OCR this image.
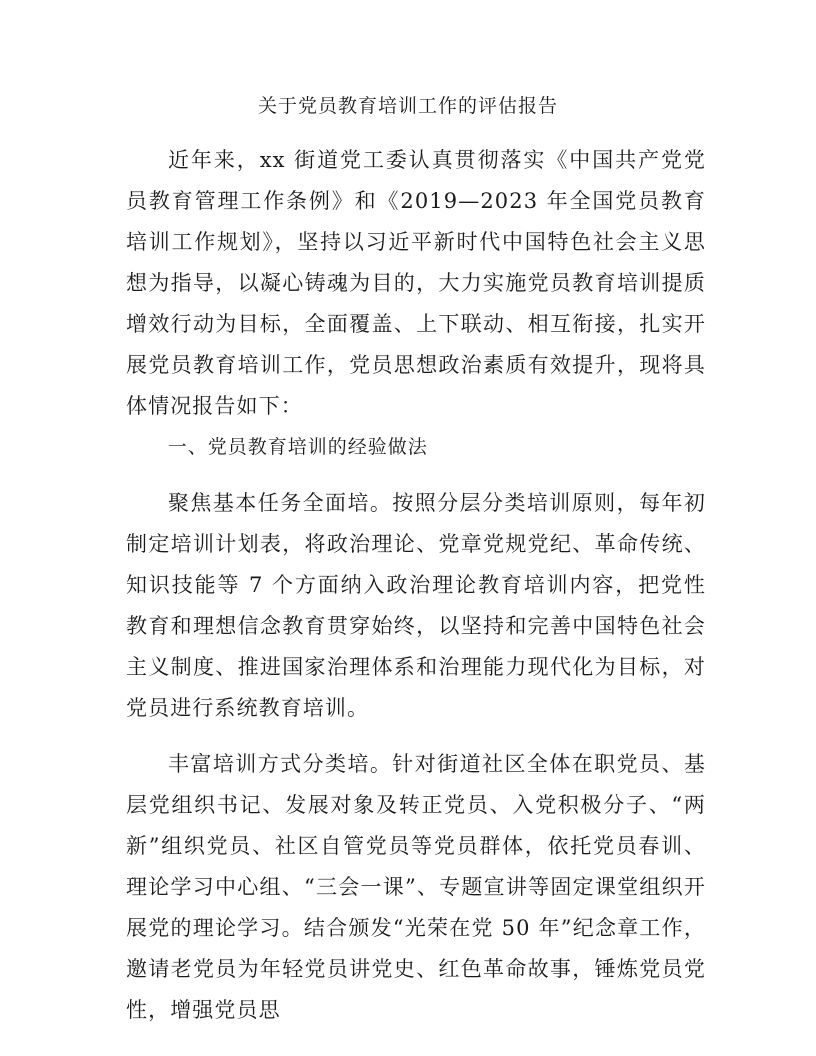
关于党员教育培训工作的评估报告

近年来，xx 街道党工委认真贯彻落实《中国共产党党员教育管理工作条例》和《2019—2023 年全国党员教育培训工作规划》，坚持以习近平新时代中国特色社会主义思想为指导，以凝心铸魂为目的，大力实施党员教育培训提质增效行动为目标，全面覆盖、上下联动、相互衔接，扎实开展党员教育培训工作，党员思想政治素质有效提升，现将具体情况报告如下：

一、党员教育培训的经验做法

聚焦基本任务全面培。按照分层分类培训原则，每年初制定培训计划表，将政治理论、党章党规党纪、革命传统、知识技能等 7 个方面纳入政治理论教育培训内容，把党性教育和理想信念教育贯穿始终，以坚持和完善中国特色社会主义制度、推进国家治理体系和治理能力现代化为目标，对党员进行系统教育培训。

丰富培训方式分类培。针对街道社区全体在职党员、基层党组织书记、发展对象及转正党员、入党积极分子、“两新”组织党员、社区自管党员等党员群体，依托党员春训、理论学习中心组、“三会一课”、专题宣讲等固定课堂组织开展党的理论学习。结合颁发“光荣在党 50 年”纪念章工作，邀请老党员为年轻党员讲党史、红色革命故事，锤炼党员党性，增强党员思
